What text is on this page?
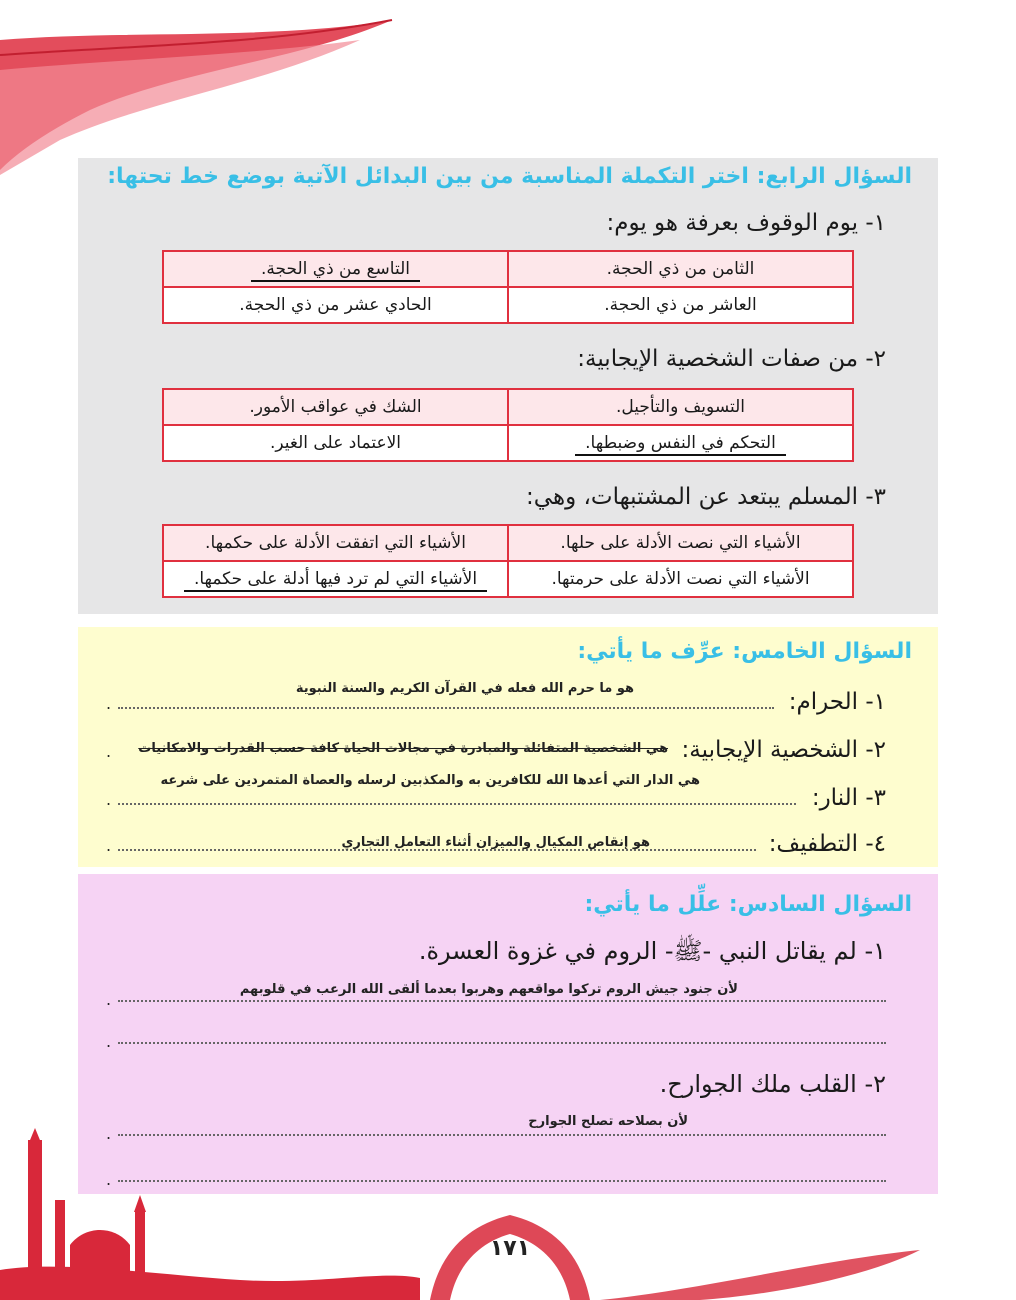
السؤال الرابع: اختر التكملة المناسبة من بين البدائل الآتية بوضع خط تحتها:
١- يوم الوقوف بعرفة هو يوم:
الثامن من ذي الحجة.	التاسع من ذي الحجة.
العاشر من ذي الحجة.	الحادي عشر من ذي الحجة.
٢- من صفات الشخصية الإيجابية:
التسويف والتأجيل.	الشك في عواقب الأمور.
التحكم في النفس وضبطها.	الاعتماد على الغير.
٣- المسلم يبتعد عن المشتبهات، وهي:
الأشياء التي نصت الأدلة على حلها.	الأشياء التي اتفقت الأدلة على حكمها.
الأشياء التي نصت الأدلة على حرمتها.	الأشياء التي لم ترد فيها أدلة على حكمها.
السؤال الخامس: عرِّف ما يأتي:
١- الحرام:
.
هو ما حرم الله فعله في القرآن الكريم والسنة النبوية
٢- الشخصية الإيجابية:
هي الشخصية المتفائلة والمبادرة في مجالات الحياة كافة حسب القدرات والامكانيات
.
٣- النار:
.
هي الدار التي أعدها الله للكافرين به والمكذبين لرسله والعصاة المتمردين على شرعه
٤- التطفيف:
.	هو إنقاص المكيال والميزان أثناء التعامل التجاري
السؤال السادس: علِّل ما يأتي:
١- لم يقاتل النبي -ﷺ- الروم في غزوة العسرة.
لأن جنود جيش الروم تركوا مواقعهم وهربوا بعدما ألقى الله الرعب في قلوبهم
.
.
٢- القلب ملك الجوارح.
لأن بصلاحه تصلح الجوارح
.
.
١٧١
